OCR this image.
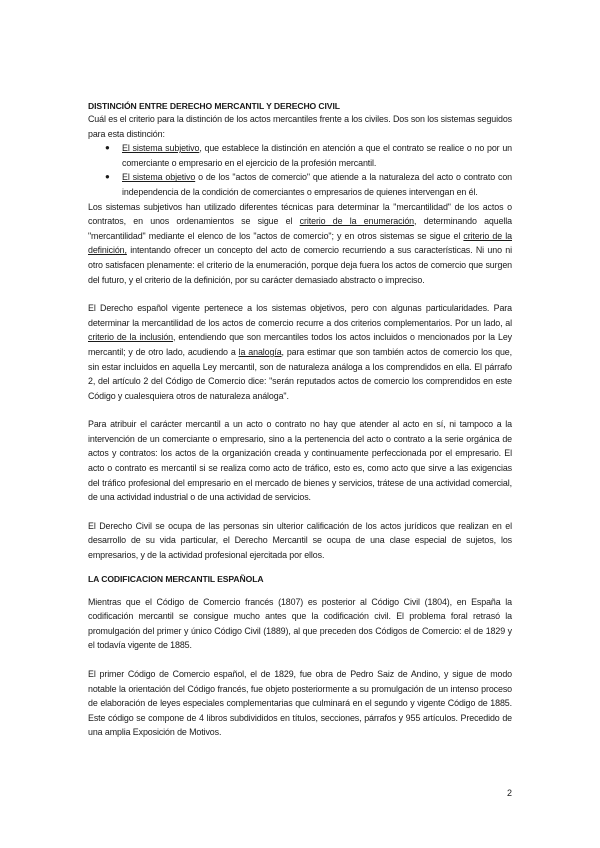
DISTINCIÓN ENTRE DERECHO MERCANTIL Y DERECHO CIVIL

Cuál es el criterio para la distinción de los actos mercantiles frente a los civiles. Dos son los sistemas seguidos para esta distinción:

● El sistema subjetivo, que establece la distinción en atención a que el contrato se realice o no por un comerciante o empresario en el ejercicio de la profesión mercantil.
● El sistema objetivo o de los "actos de comercio" que atiende a la naturaleza del acto o contrato con independencia de la condición de comerciantes o empresarios de quienes intervengan en él.

Los sistemas subjetivos han utilizado diferentes técnicas para determinar la "mercantilidad" de los actos o contratos, en unos ordenamientos se sigue el criterio de la enumeración, determinando aquella "mercantilidad" mediante el elenco de los "actos de comercio"; y en otros sistemas se sigue el criterio de la definición, intentando ofrecer un concepto del acto de comercio recurriendo a sus características. Ni uno ni otro satisfacen plenamente: el criterio de la enumeración, porque deja fuera los actos de comercio que surgen del futuro, y el criterio de la definición, por su carácter demasiado abstracto o impreciso.

El Derecho español vigente pertenece a los sistemas objetivos, pero con algunas particularidades. Para determinar la mercantilidad de los actos de comercio recurre a dos criterios complementarios. Por un lado, al criterio de la inclusión, entendiendo que son mercantiles todos los actos incluidos o mencionados por la Ley mercantil; y de otro lado, acudiendo a la analogía, para estimar que son también actos de comercio los que, sin estar incluidos en aquella Ley mercantil, son de naturaleza análoga a los comprendidos en ella. El párrafo 2, del artículo 2 del Código de Comercio dice: "serán reputados actos de comercio los comprendidos en este Código y cualesquiera otros de naturaleza análoga".

Para atribuir el carácter mercantil a un acto o contrato no hay que atender al acto en sí, ni tampoco a la intervención de un comerciante o empresario, sino a la pertenencia del acto o contrato a la serie orgánica de actos y contratos: los actos de la organización creada y continuamente perfeccionada por el empresario. El acto o contrato es mercantil si se realiza como acto de tráfico, esto es, como acto que sirve a las exigencias del tráfico profesional del empresario en el mercado de bienes y servicios, trátese de una actividad comercial, de una actividad industrial o de una actividad de servicios.

El Derecho Civil se ocupa de las personas sin ulterior calificación de los actos jurídicos que realizan en el desarrollo de su vida particular, el Derecho Mercantil se ocupa de una clase especial de sujetos, los empresarios, y de la actividad profesional ejercitada por ellos.

LA CODIFICACION MERCANTIL ESPAÑOLA

Mientras que el Código de Comercio francés (1807) es posterior al Código Civil (1804), en España la codificación mercantil se consigue mucho antes que la codificación civil. El problema foral retrasó la promulgación del primer y único Código Civil (1889), al que preceden dos Códigos de Comercio: el de 1829 y el todavía vigente de 1885.

El primer Código de Comercio español, el de 1829, fue obra de Pedro Saiz de Andino, y sigue de modo notable la orientación del Código francés, fue objeto posteriormente a su promulgación de un intenso proceso de elaboración de leyes especiales complementarias que culminará en el segundo y vigente Código de 1885. Este código se compone de 4 libros subdivididos en títulos, secciones, párrafos y 955 artículos. Precedido de una amplia Exposición de Motivos.

2
